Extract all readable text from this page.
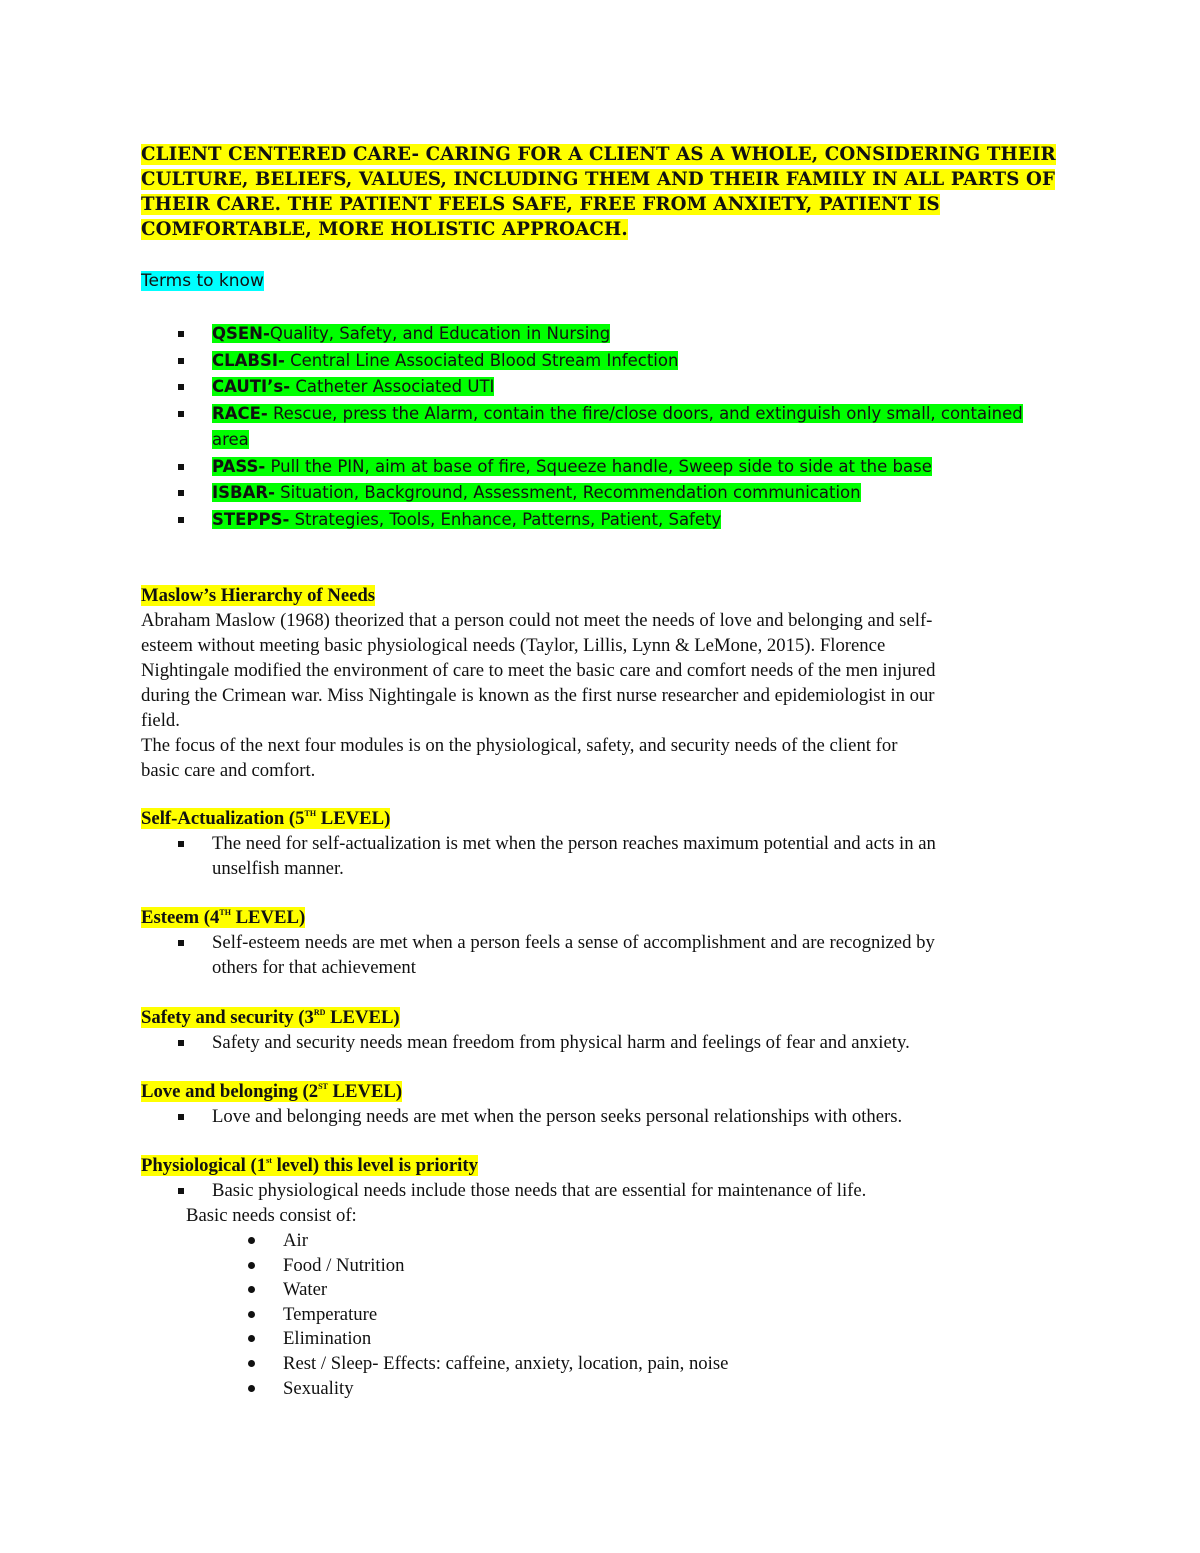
CLIENT CENTERED CARE- CARING FOR A CLIENT AS A WHOLE, CONSIDERING THEIR
CULTURE, BELIEFS, VALUES, INCLUDING THEM AND THEIR FAMILY IN ALL PARTS OF
THEIR CARE. THE PATIENT FEELS SAFE, FREE FROM ANXIETY, PATIENT IS
COMFORTABLE, MORE HOLISTIC APPROACH.
Terms to know
QSEN-Quality, Safety, and Education in Nursing
CLABSI- Central Line Associated Blood Stream Infection
CAUTI’s- Catheter Associated UTI
RACE- Rescue, press the Alarm, contain the fire/close doors, and extinguish only small, contained
area
PASS- Pull the PIN, aim at base of fire, Squeeze handle, Sweep side to side at the base
ISBAR- Situation, Background, Assessment, Recommendation communication
STEPPS- Strategies, Tools, Enhance, Patterns, Patient, Safety
Maslow’s Hierarchy of Needs
Abraham Maslow (1968) theorized that a person could not meet the needs of love and belonging and self-
esteem without meeting basic physiological needs (Taylor, Lillis, Lynn & LeMone, 2015). Florence
Nightingale modified the environment of care to meet the basic care and comfort needs of the men injured
during the Crimean war. Miss Nightingale is known as the first nurse researcher and epidemiologist in our
field.
The focus of the next four modules is on the physiological, safety, and security needs of the client for
basic care and comfort.
Self-Actualization (5TH LEVEL)
The need for self-actualization is met when the person reaches maximum potential and acts in an
unselfish manner.
Esteem (4TH LEVEL)
Self-esteem needs are met when a person feels a sense of accomplishment and are recognized by
others for that achievement
Safety and security (3RD LEVEL)
Safety and security needs mean freedom from physical harm and feelings of fear and anxiety.
Love and belonging (2ST LEVEL)
Love and belonging needs are met when the person seeks personal relationships with others.
Physiological (1st level) this level is priority
Basic physiological needs include those needs that are essential for maintenance of life.
Basic needs consist of:
Air
Food / Nutrition
Water
Temperature
Elimination
Rest / Sleep- Effects: caffeine, anxiety, location, pain, noise
Sexuality
